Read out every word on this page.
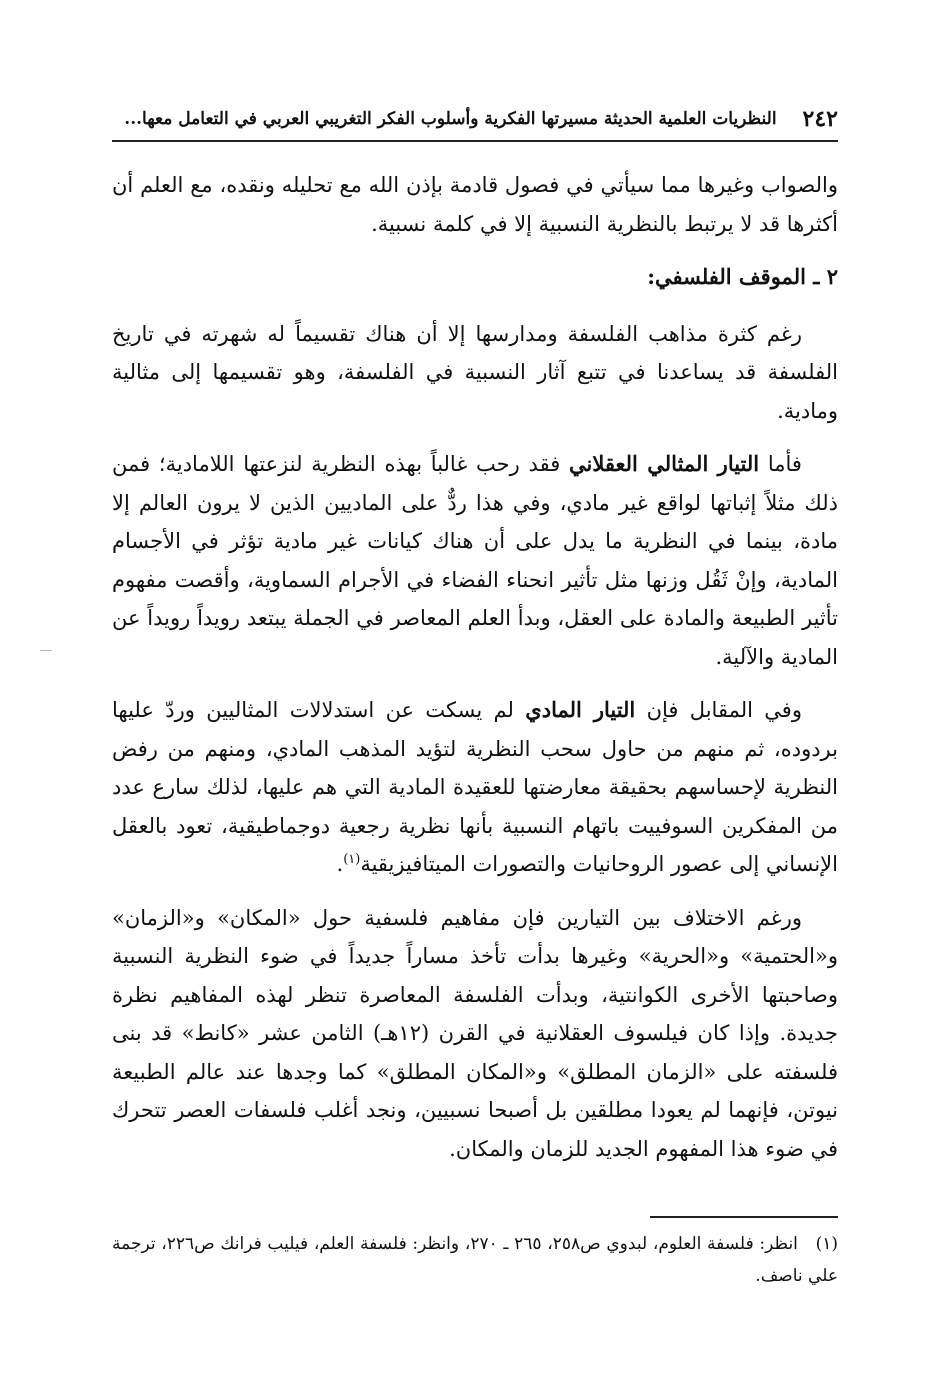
٢٤٢
النظريات العلمية الحديثة مسيرتها الفكرية وأسلوب الفكر التغريبي العربي في التعامل معها...

والصواب وغيرها مما سيأتي في فصول قادمة بإذن الله مع تحليله ونقده، مع العلم أن أكثرها قد لا يرتبط بالنظرية النسبية إلا في كلمة نسبية.

٢ ـ الموقف الفلسفي:

رغم كثرة مذاهب الفلسفة ومدارسها إلا أن هناك تقسيماً له شهرته في تاريخ الفلسفة قد يساعدنا في تتبع آثار النسبية في الفلسفة، وهو تقسيمها إلى مثالية ومادية.

فأما التيار المثالي العقلاني فقد رحب غالباً بهذه النظرية لنزعتها اللامادية؛ فمن ذلك مثلاً إثباتها لواقع غير مادي، وفي هذا ردٌّ على الماديين الذين لا يرون العالم إلا مادة، بينما في النظرية ما يدل على أن هناك كيانات غير مادية تؤثر في الأجسام المادية، وإنْ ثَقُل وزنها مثل تأثير انحناء الفضاء في الأجرام السماوية، وأقصت مفهوم تأثير الطبيعة والمادة على العقل، وبدأ العلم المعاصر في الجملة يبتعد رويداً رويداً عن المادية والآلية.

وفي المقابل فإن التيار المادي لم يسكت عن استدلالات المثاليين وردّ عليها بردوده، ثم منهم من حاول سحب النظرية لتؤيد المذهب المادي، ومنهم من رفض النظرية لإحساسهم بحقيقة معارضتها للعقيدة المادية التي هم عليها، لذلك سارع عدد من المفكرين السوفييت باتهام النسبية بأنها نظرية رجعية دوجماطيقية، تعود بالعقل الإنساني إلى عصور الروحانيات والتصورات الميتافيزيقية$^{(١)}$.

ورغم الاختلاف بين التيارين فإن مفاهيم فلسفية حول «المكان» و«الزمان» و«الحتمية» و«الحرية» وغيرها بدأت تأخذ مساراً جديداً في ضوء النظرية النسبية وصاحبتها الأخرى الكوانتية، وبدأت الفلسفة المعاصرة تنظر لهذه المفاهيم نظرة جديدة. وإذا كان فيلسوف العقلانية في القرن (١٢هـ) الثامن عشر «كانط» قد بنى فلسفته على «الزمان المطلق» و«المكان المطلق» كما وجدها عند عالم الطبيعة نيوتن، فإنهما لم يعودا مطلقين بل أصبحا نسبيين، ونجد أغلب فلسفات العصر تتحرك في ضوء هذا المفهوم الجديد للزمان والمكان.

(١) انظر: فلسفة العلوم، لبدوي ص٢٥٨، ٢٦٥ ـ ٢٧٠، وانظر: فلسفة العلم، فيليب فرانك ص٢٢٦، ترجمة علي ناصف.
